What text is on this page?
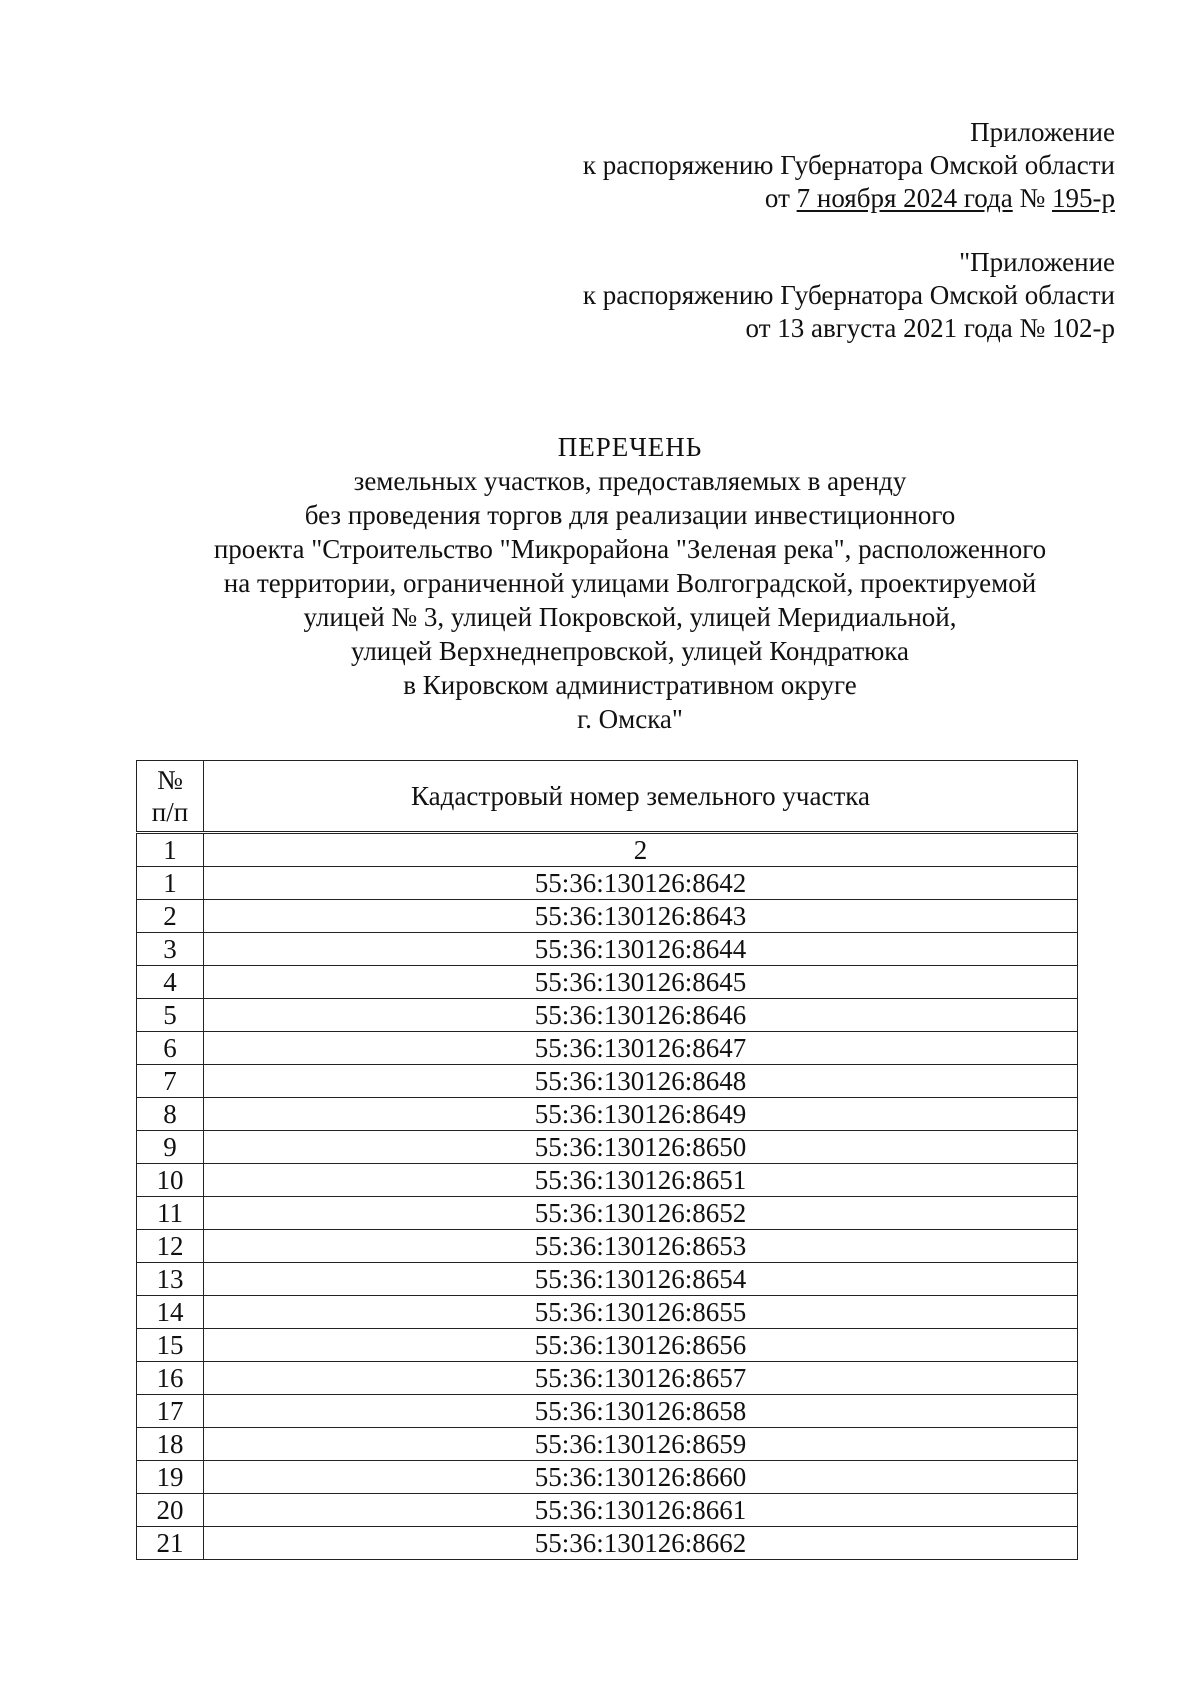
Приложение
к распоряжению Губернатора Омской области
от 7 ноября 2024 года № 195-р
"Приложение
к распоряжению Губернатора Омской области
от 13 августа 2021 года № 102-р
ПЕРЕЧЕНЬ
земельных участков, предоставляемых в аренду
без проведения торгов для реализации инвестиционного
проекта "Строительство "Микрорайона "Зеленая река", расположенного
на территории, ограниченной улицами Волгоградской, проектируемой
улицей № 3, улицей Покровской, улицей Меридиальной,
улицей Верхнеднепровской, улицей Кондратюка
в Кировском административном округе
г. Омска"
№
п/п	Кадастровый номер земельного участка
1	2
1	55:36:130126:8642
2	55:36:130126:8643
3	55:36:130126:8644
4	55:36:130126:8645
5	55:36:130126:8646
6	55:36:130126:8647
7	55:36:130126:8648
8	55:36:130126:8649
9	55:36:130126:8650
10	55:36:130126:8651
11	55:36:130126:8652
12	55:36:130126:8653
13	55:36:130126:8654
14	55:36:130126:8655
15	55:36:130126:8656
16	55:36:130126:8657
17	55:36:130126:8658
18	55:36:130126:8659
19	55:36:130126:8660
20	55:36:130126:8661
21	55:36:130126:8662
